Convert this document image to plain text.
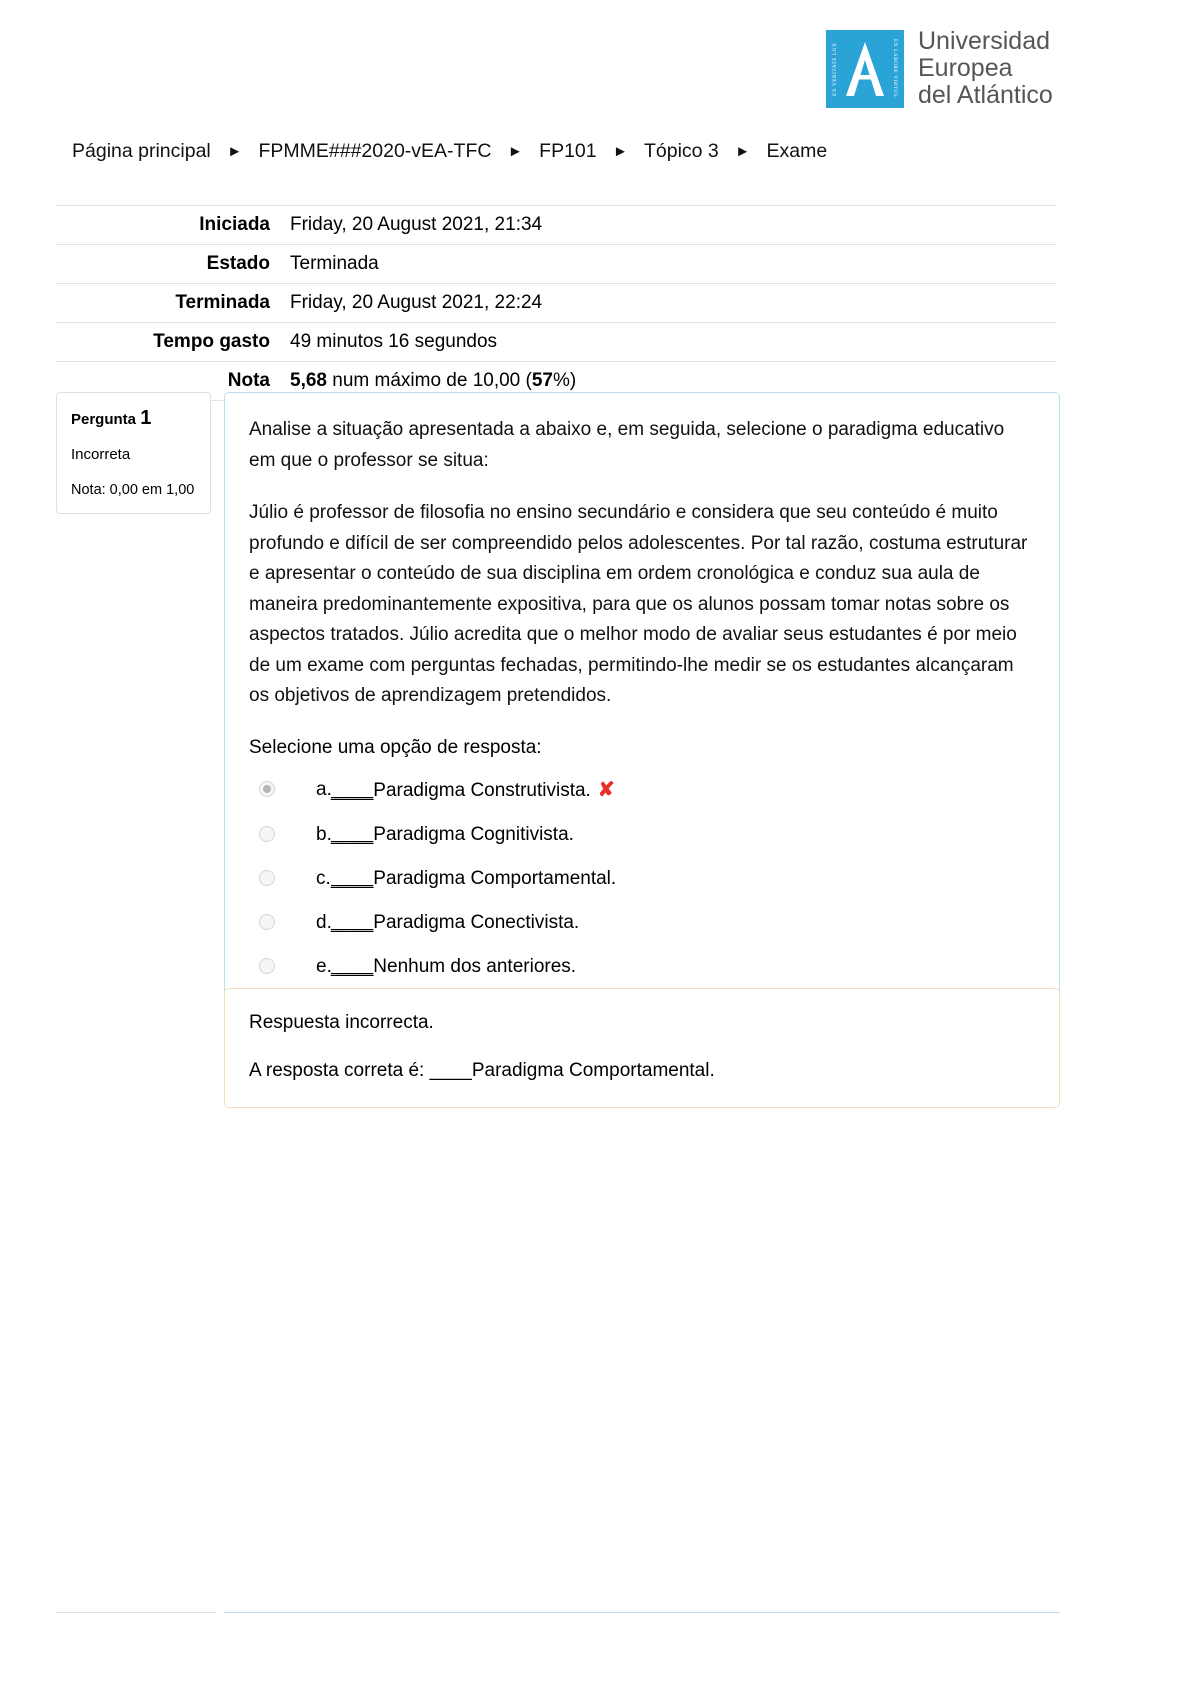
EX VERITATE LUX	EX LABORE VIRTUS Universidad
Europea
del Atlántico
Página principal ► FPMME###2020-vEA-TFC ► FP101 ► Tópico 3 ► Exame
Iniciada	Friday, 20 August 2021, 21:34
Estado	Terminada
Terminada	Friday, 20 August 2021, 22:24
Tempo gasto	49 minutos 16 segundos
Nota	5,68 num máximo de 10,00 (57%)

Pergunta 1

Incorreta

Nota: 0,00 em 1,00

Analise a situação apresentada a abaixo e, em seguida, selecione o paradigma educativo em que o professor se situa:

Júlio é professor de filosofia no ensino secundário e considera que seu conteúdo é muito profundo e difícil de ser compreendido pelos adolescentes. Por tal razão, costuma estruturar e apresentar o conteúdo de sua disciplina em ordem cronológica e conduz sua aula de maneira predominantemente expositiva, para que os alunos possam tomar notas sobre os aspectos tratados. Júlio acredita que o melhor modo de avaliar seus estudantes é por meio de um exame com perguntas fechadas, permitindo-lhe medir se os estudantes alcançaram os objetivos de aprendizagem pretendidos.

Selecione uma opção de resposta:

a. ____Paradigma Construtivista. ✘
b. ____Paradigma Cognitivista.
c. ____Paradigma Comportamental.
d. ____Paradigma Conectivista.
e. ____Nenhum dos anteriores.

Respuesta incorrecta.

A resposta correta é: ____Paradigma Comportamental.
